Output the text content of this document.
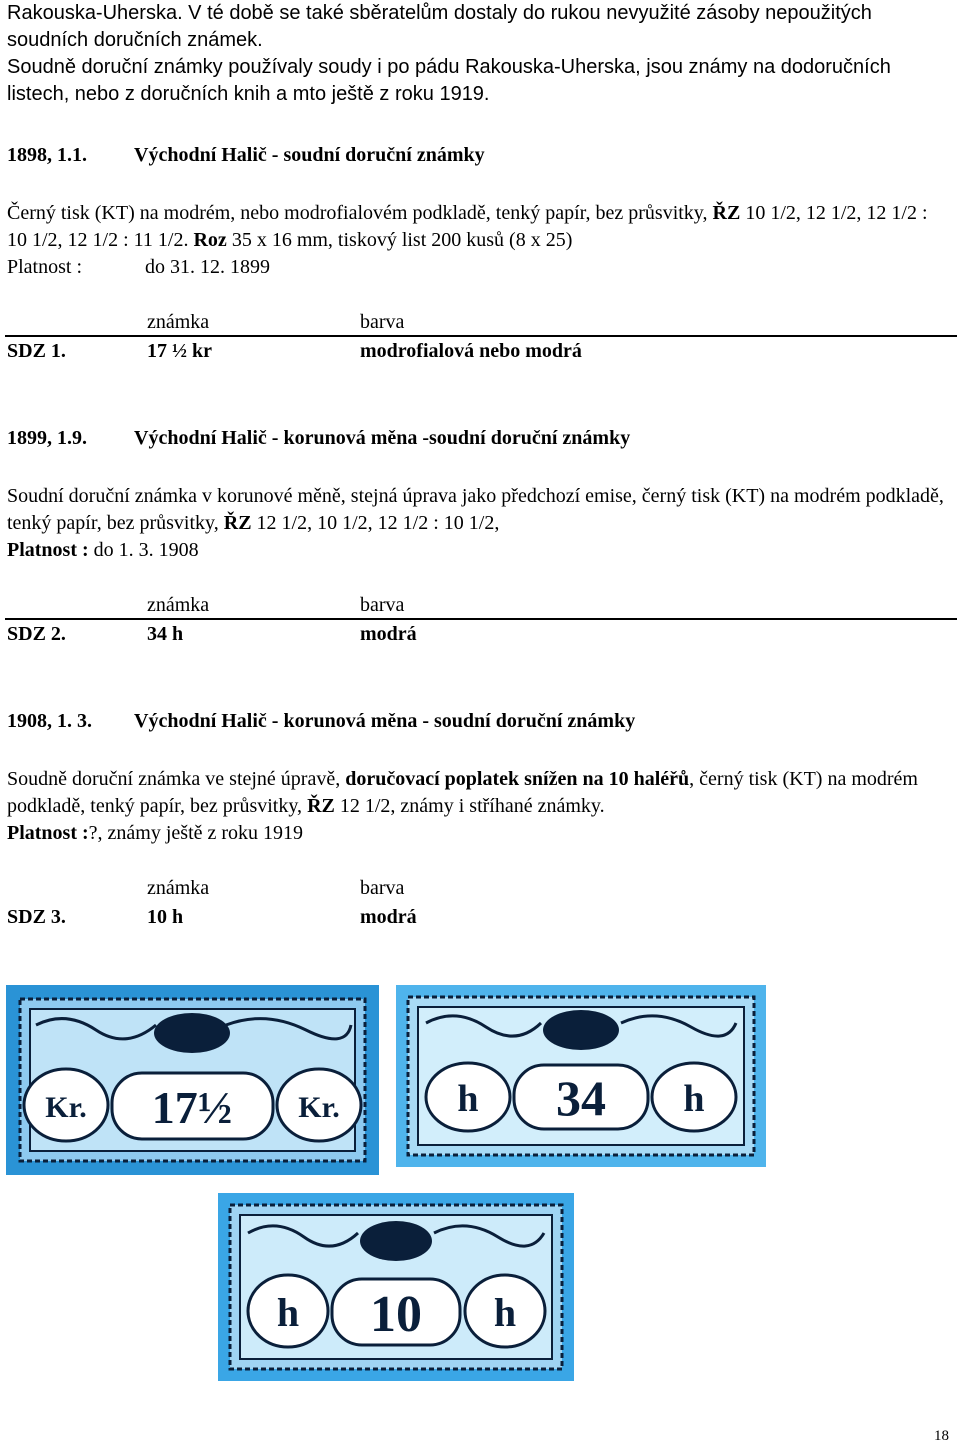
Rakouska-Uherska. V té době se také sběratelům dostaly do rukou nevyužité zásoby nepoužitých soudních doručních známek.

Soudně doruční známky používaly soudy i po pádu Rakouska-Uherska, jsou známy na dodoručních listech, nebo z doručních knih a mto ještě z roku 1919.

1898, 1.1. Východní Halič - soudní doruční známky

Černý tisk (KT) na modrém, nebo modrofialovém podkladě, tenký papír, bez průsvitky, ŘZ 10 1/2, 12 1/2, 12 1/2 : 10 1/2, 12 1/2 : 11 1/2. Roz 35 x 16 mm, tiskový list 200 kusů (8 x 25)

Platnost :	do 31. 12. 1899

známka	barva
SDZ 1.	17 ½ kr	modrofialová nebo modrá
1899, 1.9. Východní Halič - korunová měna -soudní doruční známky

Soudní doruční známka v korunové měně, stejná úprava jako předchozí emise, černý tisk (KT) na modrém podkladě, tenký papír, bez průsvitky, ŘZ 12 1/2, 10 1/2, 12 1/2 : 10 1/2,

Platnost : do 1. 3. 1908

známka	barva
SDZ 2.	34 h	modrá
1908, 1. 3. Východní Halič - korunová měna - soudní doruční známky

Soudně doruční známka ve stejné úpravě, doručovací poplatek snížen na 10 haléřů, černý tisk (KT) na modrém podkladě, tenký papír, bez průsvitky, ŘZ 12 1/2, známy i stříhané známky.

Platnost :?, známy ještě z roku 1919

známka	barva
SDZ 3.	10 h	modrá
Kr. 17½ Kr.	h 34 h
h 10 h
18
